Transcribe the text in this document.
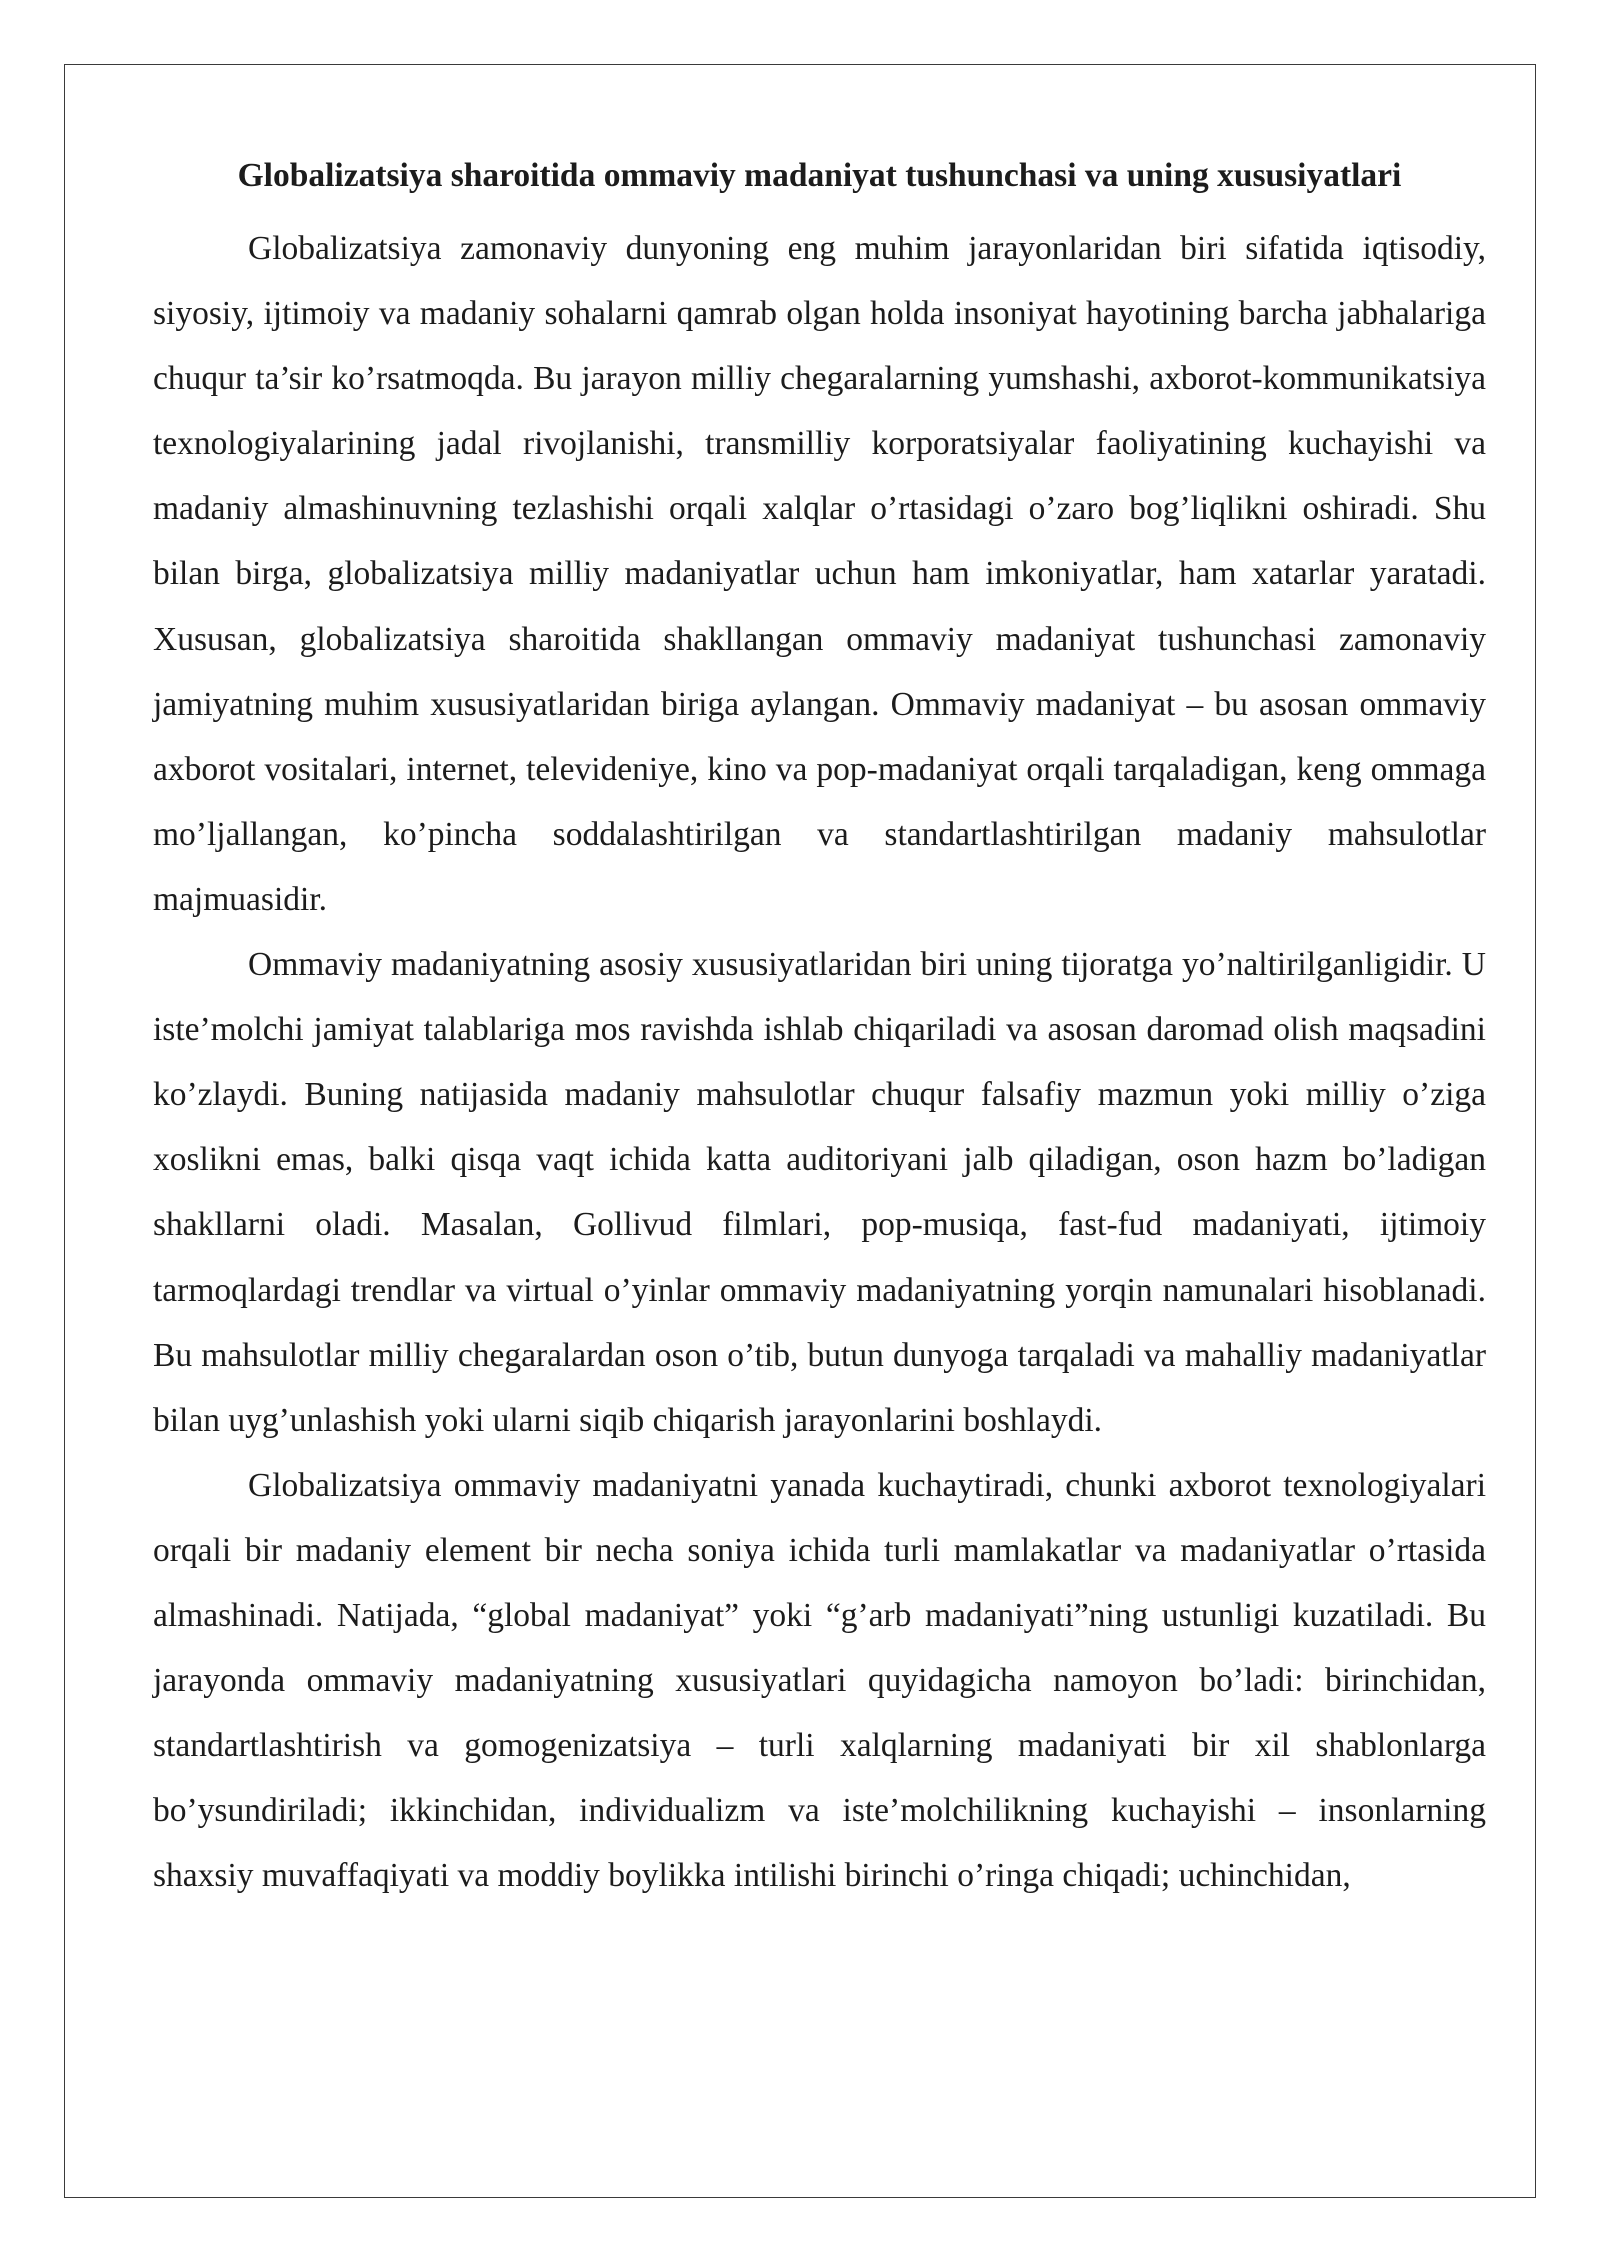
Globalizatsiya sharoitida ommaviy madaniyat tushunchasi va uning xususiyatlari

Globalizatsiya zamonaviy dunyoning eng muhim jarayonlaridan biri sifatida iqtisodiy, siyosiy, ijtimoiy va madaniy sohalarni qamrab olgan holda insoniyat hayotining barcha jabhalariga chuqur ta’sir ko’rsatmoqda. Bu jarayon milliy chegaralarning yumshashi, axborot-kommunikatsiya texnologiyalarining jadal rivojlanishi, transmilliy korporatsiyalar faoliyatining kuchayishi va madaniy almashinuvning tezlashishi orqali xalqlar o’rtasidagi o’zaro bog’liqlikni oshiradi. Shu bilan birga, globalizatsiya milliy madaniyatlar uchun ham imkoniyatlar, ham xatarlar yaratadi. Xususan, globalizatsiya sharoitida shakllangan ommaviy madaniyat tushunchasi zamonaviy jamiyatning muhim xususiyatlaridan biriga aylangan. Ommaviy madaniyat – bu asosan ommaviy axborot vositalari, internet, televideniye, kino va pop-madaniyat orqali tarqaladigan, keng ommaga mo’ljallangan, ko’pincha soddalashtirilgan va standartlashtirilgan madaniy mahsulotlar majmuasidir.

Ommaviy madaniyatning asosiy xususiyatlaridan biri uning tijoratga yo’naltirilganligidir. U iste’molchi jamiyat talablariga mos ravishda ishlab chiqariladi va asosan daromad olish maqsadini ko’zlaydi. Buning natijasida madaniy mahsulotlar chuqur falsafiy mazmun yoki milliy o’ziga xoslikni emas, balki qisqa vaqt ichida katta auditoriyani jalb qiladigan, oson hazm bo’ladigan shakllarni oladi. Masalan, Gollivud filmlari, pop-musiqa, fast-fud madaniyati, ijtimoiy tarmoqlardagi trendlar va virtual o’yinlar ommaviy madaniyatning yorqin namunalari hisoblanadi. Bu mahsulotlar milliy chegaralardan oson o’tib, butun dunyoga tarqaladi va mahalliy madaniyatlar bilan uyg’unlashish yoki ularni siqib chiqarish jarayonlarini boshlaydi.

Globalizatsiya ommaviy madaniyatni yanada kuchaytiradi, chunki axborot texnologiyalari orqali bir madaniy element bir necha soniya ichida turli mamlakatlar va madaniyatlar o’rtasida almashinadi. Natijada, “global madaniyat” yoki “g’arb madaniyati”ning ustunligi kuzatiladi. Bu jarayonda ommaviy madaniyatning xususiyatlari quyidagicha namoyon bo’ladi: birinchidan, standartlashtirish va gomogenizatsiya – turli xalqlarning madaniyati bir xil shablonlarga bo’ysundiriladi; ikkinchidan, individualizm va iste’molchilikning kuchayishi – insonlarning shaxsiy muvaffaqiyati va moddiy boylikka intilishi birinchi o’ringa chiqadi; uchinchidan,
